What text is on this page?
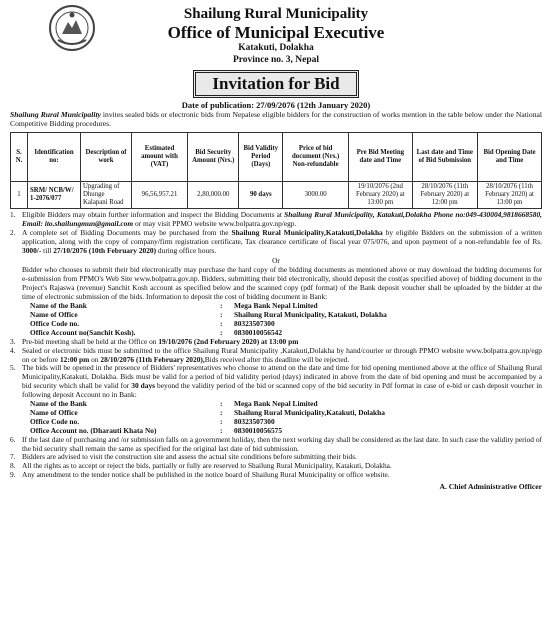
Shailung Rural Municipality
Office of Municipal Executive
Katakuti, Dolakha
Province no. 3, Nepal
Invitation for Bid
Date of publication: 27/09/2076 (12th January 2020)
Shailung Rural Municipality invites sealed bids or electronic bids from Nepalese eligible bidders for the construction of works mention in the table below under the National Competitive Bidding procedures.
S. N.	Identification no:	Description of work	Estimated amount with (VAT)	Bid Security Amount (Nrs.)	Bid Validity Period (Days)	Price of bid document (Nrs.) Non-refundable	Pre Bid Meeting date and Time	Last date and Time of Bid Submission	Bid Opening Date and Time
1	SRM/ NCB/W/ 1-2076/077	Upgrading of Dhunge Kalapani Road	96,56,957.21	2,80,000.00	90 days	3000.00	19/10/2076 (2nd February 2020) at 13:00 pm	28/10/2076 (11th February 2020) at 12:00 pm	28/10/2076 (11th February 2020) at 13:00 pm
1. Eligible Bidders may obtain further information and inspect the Bidding Documents at Shailung Rural Municipality, Katakuti,Dolakha Phone no:049-430004,9818668580, Email: ito.shailungmun@gmail.com or may visit PPMO website www.bolpatra.gov.np/egp.
2. A complete set of Bidding Documents may be purchased from the Shailung Rural Municipality,Katakuti,Dolakha by eligible Bidders on the submission of a written application, along with the copy of company/firm registration certificate, Tax clearance certificate of fiscal year 075/076, and upon payment of a non-refundable fee of Rs. 3000/- till 27/10/2076 (10th February 2020) during office hours.
Or
Bidder who chooses to submit their bid electronically may purchase the hard copy of the bidding documents as mentioned above or may download the bidding documents for e-submission from PPMO's Web Site www.bolpatra.gov.np. Bidders, submitting their bid electronically, should deposit the cost(as specified above) of bidding document in the Project's Rajaswa (revenue) Sanchit Kosh account as specified below and the scanned copy (pdf format) of the Bank deposit voucher shall be uploaded by the bidder at the time of electronic submission of the bids. Information to deposit the cost of bidding document in Bank:
Name of the Bank	:	Mega Bank Nepal Limited
Name of Office	:	Shailung Rural Municipality, Katakuti, Dolakha
Office Code no.	:	80323507300
Office Account no(Sanchit Kosh).	:	0830010056542
3. Pre-bid meeting shall be held at the Office on 19/10/2076 (2nd February 2020) at 13:00 pm
4. Sealed or electronic bids must be submitted to the office Shailung Rural Municipality ,Katakuti,Dolakha by hand/courier or through PPMO website www.bolpatra.gov.np/egp on or before 12:00 pm on 28/10/2076 (11th February 2020),Bids received after this deadline will be rejected.
5. The bids will be opened in the presence of Bidders' representatives who choose to attend on the date and time for bid opening mentioned above at the office of Shailung Rural Municipality,Katakuti, Dolakha. Bids must be valid for a period of bid validity period (days) indicated in above from the date of bid opening and must be accompanied by a bid security which shall be valid for 30 days beyond the validity period of the bid or scanned copy of the bid security in Pdf format in case of e-bid or cash deposit voucher in following deposit Account no in Bank:
Name of the Bank	:	Mega Bank Nepal Limited
Name of Office	:	Shailung Rural Municipality,Katakuti, Dolakha
Office Code no.	:	80323507300
Office Account no. (Dharauti Khata No)	:	0830010056575
6. If the last date of purchasing and /or submission falls on a government holiday, then the next working day shall be considered as the last date. In such case the validity period of the bid security shall remain the same as specified for the original last date of bid submission.
7. Bidders are advised to visit the construction site and assess the actual site conditions before submitting their bids.
8. All the rights as to accept or reject the bids, partially or fully are reserved to Shailung Rural Municipality, Katakuti, Dolakha.
9. Any amendment to the tender notice shall be published in the notice board of Shailung Rural Municipality or office website.
A. Chief Administrative Officer
